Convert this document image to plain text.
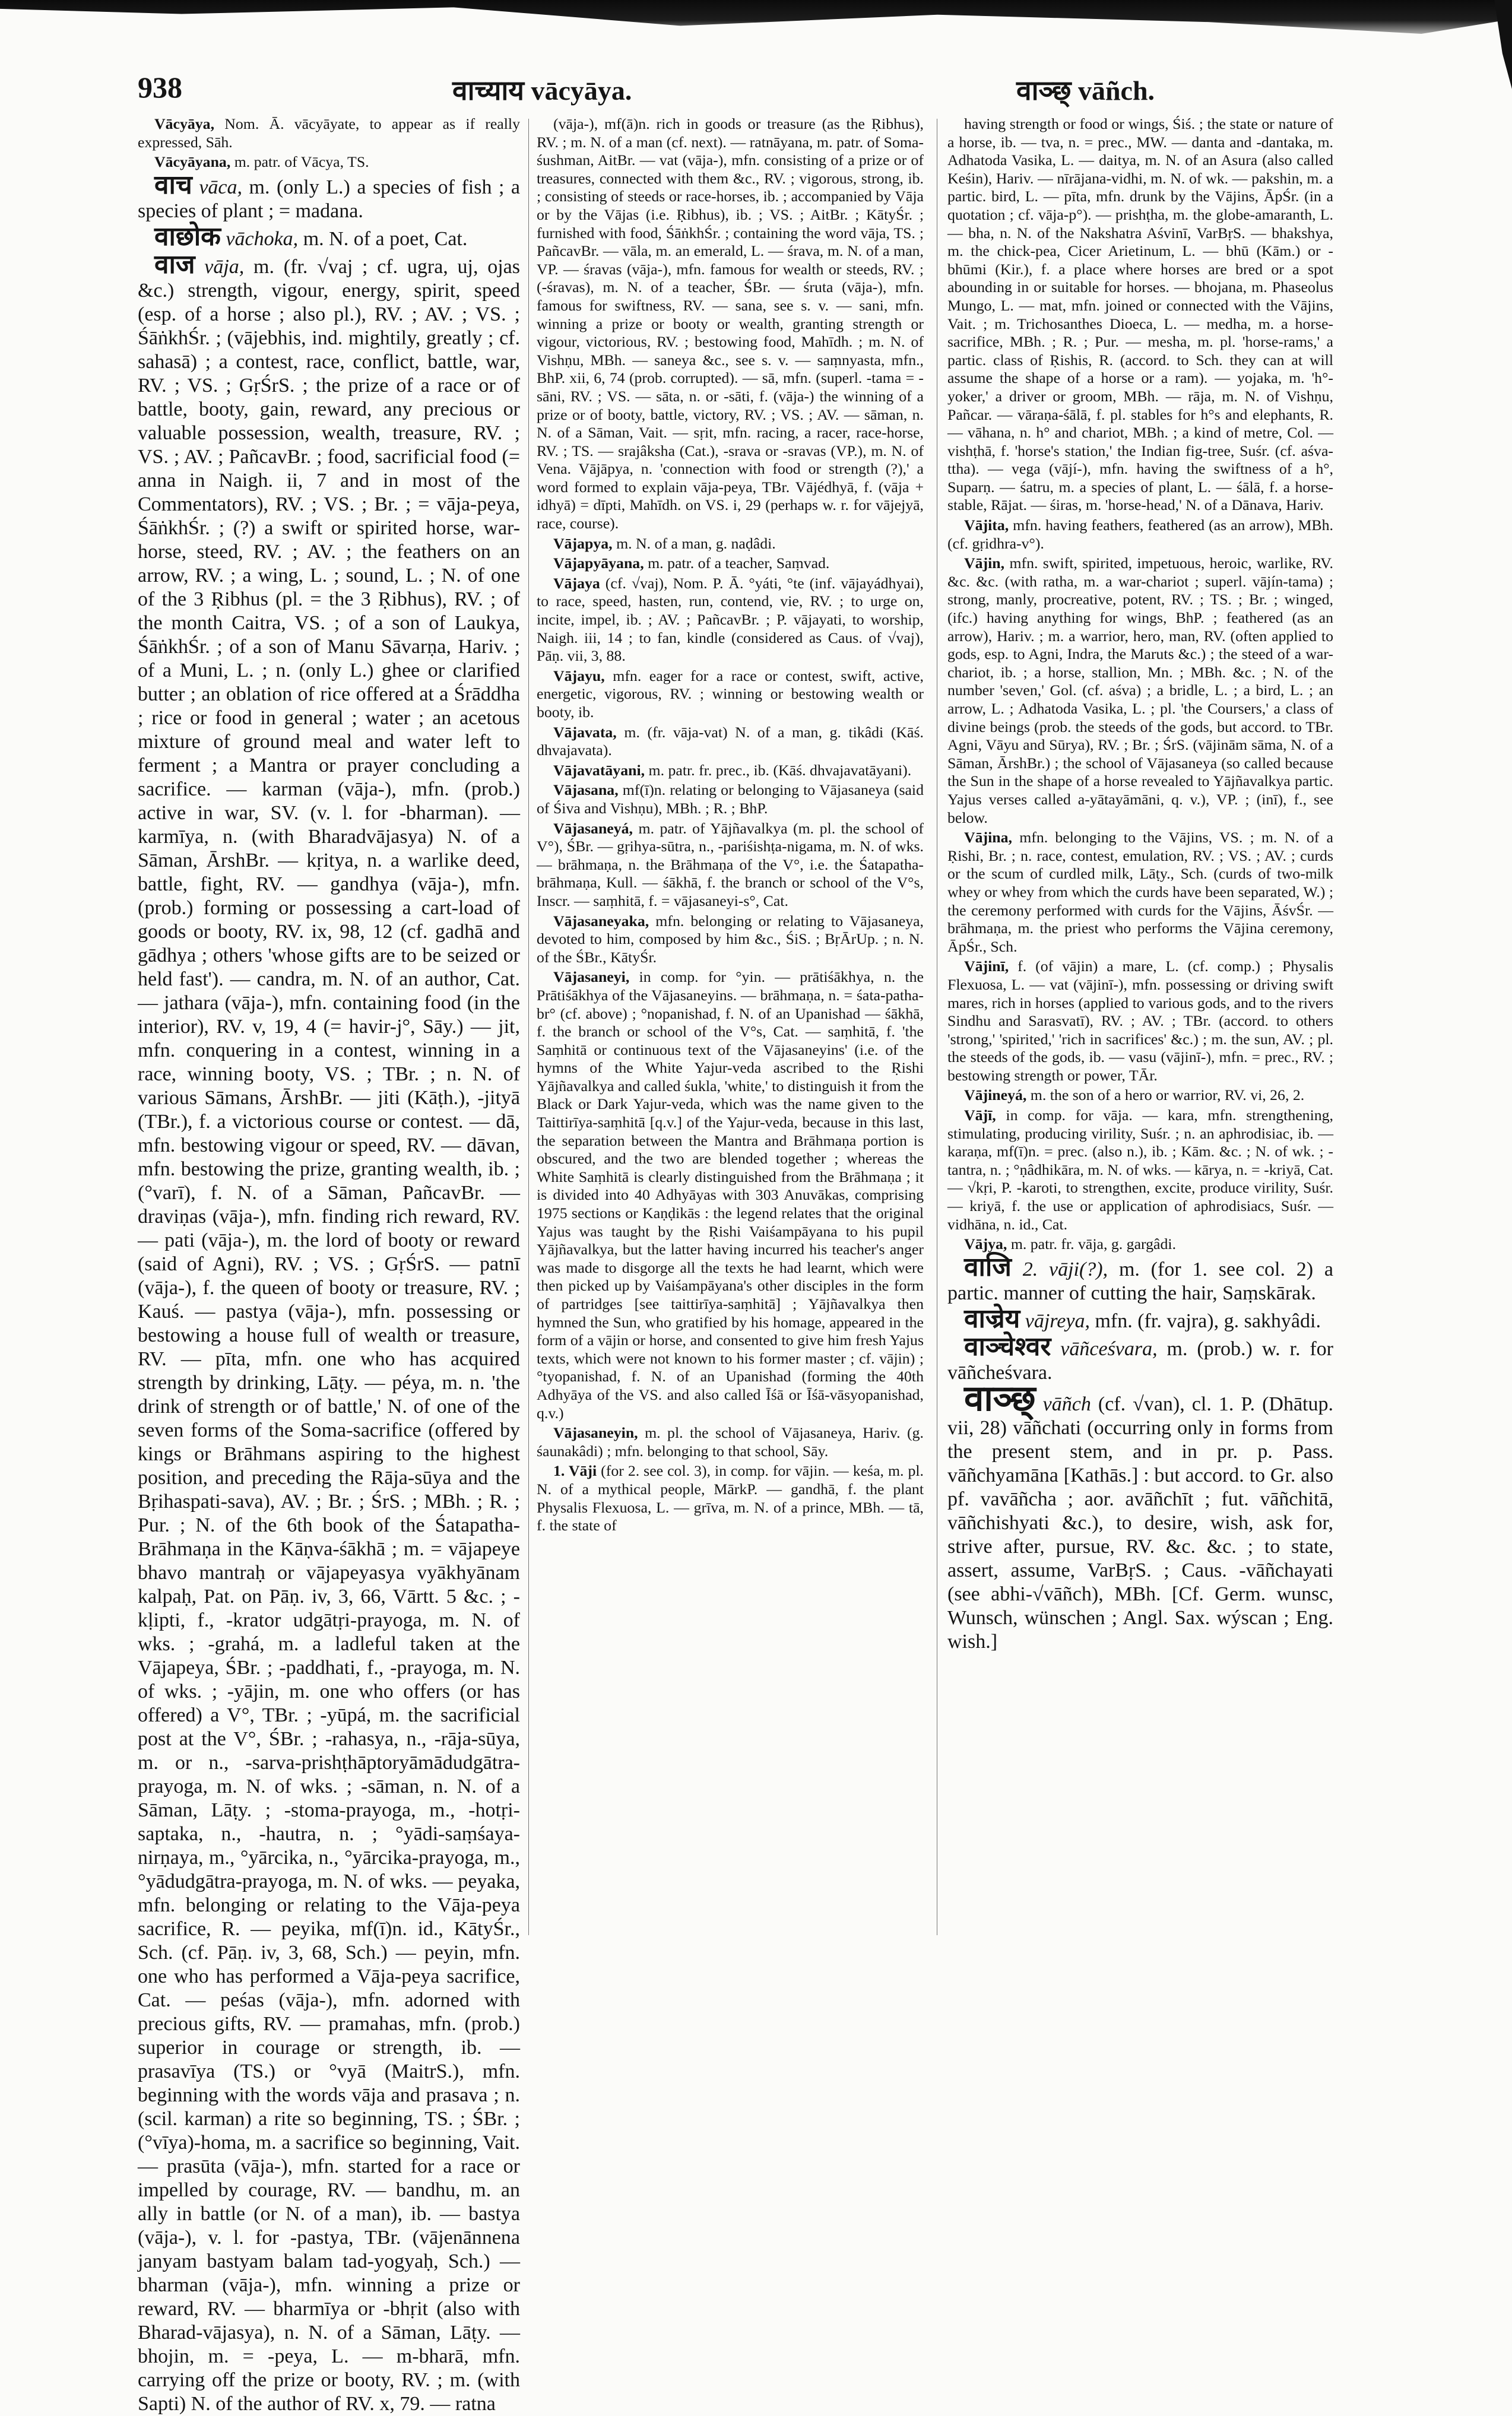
938	वाच्याय vācyāya.	वाञ्छ् vāñch.

Vācyāya, Nom. Ā. vācyāyate, to appear as if really expressed, Sāh.

Vācyāyana, m. patr. of Vācya, TS.

वाच vāca, m. (only L.) a species of fish ; a species of plant ; = madana.

वाछोक vāchoka, m. N. of a poet, Cat.

वाज vāja, m. (fr. √vaj ; cf. ugra, uj, ojas &c.) strength, vigour, energy, spirit, speed (esp. of a horse ; also pl.), RV. ; AV. ; VS. ; ŚāṅkhŚr. ; (vājebhis, ind. mightily, greatly ; cf. sahasā) ; a contest, race, conflict, battle, war, RV. ; VS. ; GṛŚrS. ; the prize of a race or of battle, booty, gain, reward, any precious or valuable possession, wealth, treasure, RV. ; VS. ; AV. ; PañcavBr. ; food, sacrificial food (= anna in Naigh. ii, 7 and in most of the Commentators), RV. ; VS. ; Br. ; = vāja-peya, ŚāṅkhŚr. ; (?) a swift or spirited horse, war-horse, steed, RV. ; AV. ; the feathers on an arrow, RV. ; a wing, L. ; sound, L. ; N. of one of the 3 Ṛibhus (pl. = the 3 Ṛibhus), RV. ; of the month Caitra, VS. ; of a son of Laukya, ŚāṅkhŚr. ; of a son of Manu Sāvarṇa, Hariv. ; of a Muni, L. ; n. (only L.) ghee or clarified butter ; an oblation of rice offered at a Śrāddha ; rice or food in general ; water ; an acetous mixture of ground meal and water left to ferment ; a Mantra or prayer concluding a sacrifice. — karman (vāja-), mfn. (prob.) active in war, SV. (v. l. for -bharman). — karmīya, n. (with Bharadvājasya) N. of a Sāman, ĀrshBr. — kṛitya, n. a warlike deed, battle, fight, RV. — gandhya (vāja-), mfn. (prob.) forming or possessing a cart-load of goods or booty, RV. ix, 98, 12 (cf. gadhā and gādhya ; others 'whose gifts are to be seized or held fast'). — candra, m. N. of an author, Cat. — jathara (vāja-), mfn. containing food (in the interior), RV. v, 19, 4 (= havir-j°, Sāy.) — jit, mfn. conquering in a contest, winning in a race, winning booty, VS. ; TBr. ; n. N. of various Sāmans, ĀrshBr. — jiti (Kāṭh.), -jityā (TBr.), f. a victorious course or contest. — dā, mfn. bestowing vigour or speed, RV. — dāvan, mfn. bestowing the prize, granting wealth, ib. ; (°varī), f. N. of a Sāman, PañcavBr. — draviṇas (vāja-), mfn. finding rich reward, RV. — pati (vāja-), m. the lord of booty or reward (said of Agni), RV. ; VS. ; GṛŚrS. — patnī (vāja-), f. the queen of booty or treasure, RV. ; Kauś. — pastya (vāja-), mfn. possessing or bestowing a house full of wealth or treasure, RV. — pīta, mfn. one who has acquired strength by drinking, Lāṭy. — péya, m. n. 'the drink of strength or of battle,' N. of one of the seven forms of the Soma-sacrifice (offered by kings or Brāhmans aspiring to the highest position, and preceding the Rāja-sūya and the Bṛihaspati-sava), AV. ; Br. ; ŚrS. ; MBh. ; R. ; Pur. ; N. of the 6th book of the Śatapatha-Brāhmaṇa in the Kāṇva-śākhā ; m. = vājapeye bhavo mantraḥ or vājapeyasya vyākhyānam kalpaḥ, Pat. on Pāṇ. iv, 3, 66, Vārtt. 5 &c. ; -kḷipti, f., -krator udgātṛi-prayoga, m. N. of wks. ; -grahá, m. a ladleful taken at the Vājapeya, ŚBr. ; -paddhati, f., -prayoga, m. N. of wks. ; -yājin, m. one who offers (or has offered) a V°, TBr. ; -yūpá, m. the sacrificial post at the V°, ŚBr. ; -rahasya, n., -rāja-sūya, m. or n., -sarva-prishṭhāptoryāmādudgātra-prayoga, m. N. of wks. ; -sāman, n. N. of a Sāman, Lāṭy. ; -stoma-prayoga, m., -hotṛi-saptaka, n., -hautra, n. ; °yādi-saṃśaya-nirṇaya, m., °yārcika, n., °yārcika-prayoga, m., °yādudgātra-prayoga, m. N. of wks. — peyaka, mfn. belonging or relating to the Vāja-peya sacrifice, R. — peyika, mf(ī)n. id., KātyŚr., Sch. (cf. Pāṇ. iv, 3, 68, Sch.) — peyin, mfn. one who has performed a Vāja-peya sacrifice, Cat. — peśas (vāja-), mfn. adorned with precious gifts, RV. — pramahas, mfn. (prob.) superior in courage or strength, ib. — prasavīya (TS.) or °vyā (MaitrS.), mfn. beginning with the words vāja and prasava ; n. (scil. karman) a rite so beginning, TS. ; ŚBr. ; (°vīya)-homa, m. a sacrifice so beginning, Vait. — prasūta (vāja-), mfn. started for a race or impelled by courage, RV. — bandhu, m. an ally in battle (or N. of a man), ib. — bastya (vāja-), v. l. for -pastya, TBr. (vājenānnena janyam bastyam balam tad-yogyaḥ, Sch.) — bharman (vāja-), mfn. winning a prize or reward, RV. — bharmīya or -bhṛit (also with Bharad-vājasya), n. N. of a Sāman, Lāṭy. — bhojin, m. = -peya, L. — m-bharā, mfn. carrying off the prize or booty, RV. ; m. (with Sapti) N. of the author of RV. x, 79. — ratna

(vāja-), mf(ā)n. rich in goods or treasure (as the Ṛibhus), RV. ; m. N. of a man (cf. next). — ratnāyana, m. patr. of Soma-śushman, AitBr. — vat (vāja-), mfn. consisting of a prize or of treasures, connected with them &c., RV. ; vigorous, strong, ib. ; consisting of steeds or race-horses, ib. ; accompanied by Vāja or by the Vājas (i.e. Ṛibhus), ib. ; VS. ; AitBr. ; KātyŚr. ; furnished with food, ŚāṅkhŚr. ; containing the word vāja, TS. ; PañcavBr. — vāla, m. an emerald, L. — śrava, m. N. of a man, VP. — śravas (vāja-), mfn. famous for wealth or steeds, RV. ; (-śravas), m. N. of a teacher, ŚBr. — śruta (vāja-), mfn. famous for swiftness, RV. — sana, see s. v. — sani, mfn. winning a prize or booty or wealth, granting strength or vigour, victorious, RV. ; bestowing food, Mahīdh. ; m. N. of Vishṇu, MBh. — saneya &c., see s. v. — saṃnyasta, mfn., BhP. xii, 6, 74 (prob. corrupted). — sā, mfn. (superl. -tama = -sāni, RV. ; VS. — sāta, n. or -sāti, f. (vāja-) the winning of a prize or of booty, battle, victory, RV. ; VS. ; AV. — sāman, n. N. of a Sāman, Vait. — sṛit, mfn. racing, a racer, race-horse, RV. ; TS. — srajâksha (Cat.), -srava or -sravas (VP.), m. N. of Vena. Vājāpya, n. 'connection with food or strength (?),' a word formed to explain vāja-peya, TBr. Vājédhyā, f. (vāja + idhyā) = dīpti, Mahīdh. on VS. i, 29 (perhaps w. r. for vājejyā, race, course).

Vājapya, m. N. of a man, g. naḍâdi.

Vājapyāyana, m. patr. of a teacher, Saṃvad.

Vājaya (cf. √vaj), Nom. P. Ā. °yáti, °te (inf. vājayádhyai), to race, speed, hasten, run, contend, vie, RV. ; to urge on, incite, impel, ib. ; AV. ; PañcavBr. ; P. vājayati, to worship, Naigh. iii, 14 ; to fan, kindle (considered as Caus. of √vaj), Pāṇ. vii, 3, 88.

Vājayu, mfn. eager for a race or contest, swift, active, energetic, vigorous, RV. ; winning or bestowing wealth or booty, ib.

Vājavata, m. (fr. vāja-vat) N. of a man, g. tikâdi (Kāś. dhvajavata).

Vājavatāyani, m. patr. fr. prec., ib. (Kāś. dhvajavatāyani).

Vājasana, mf(ī)n. relating or belonging to Vājasaneya (said of Śiva and Vishṇu), MBh. ; R. ; BhP.

Vājasaneyá, m. patr. of Yājñavalkya (m. pl. the school of V°), ŚBr. — gṛihya-sūtra, n., -pariśishṭa-nigama, m. N. of wks. — brāhmaṇa, n. the Brāhmaṇa of the V°, i.e. the Śatapatha-brāhmaṇa, Kull. — śākhā, f. the branch or school of the V°s, Inscr. — saṃhitā, f. = vājasaneyi-s°, Cat.

Vājasaneyaka, mfn. belonging or relating to Vājasaneya, devoted to him, composed by him &c., ŚiS. ; BṛĀrUp. ; n. N. of the ŚBr., KātyŚr.

Vājasaneyi, in comp. for °yin. — prātiśākhya, n. the Prātiśākhya of the Vājasaneyins. — brāhmaṇa, n. = śata-patha-br° (cf. above) ; °nopanishad, f. N. of an Upanishad — śākhā, f. the branch or school of the V°s, Cat. — saṃhitā, f. 'the Saṃhitā or continuous text of the Vājasaneyins' (i.e. of the hymns of the White Yajur-veda ascribed to the Ṛishi Yājñavalkya and called śukla, 'white,' to distinguish it from the Black or Dark Yajur-veda, which was the name given to the Taittirīya-saṃhitā [q.v.] of the Yajur-veda, because in this last, the separation between the Mantra and Brāhmaṇa portion is obscured, and the two are blended together ; whereas the White Saṃhitā is clearly distinguished from the Brāhmaṇa ; it is divided into 40 Adhyāyas with 303 Anuvākas, comprising 1975 sections or Kaṇḍikās : the legend relates that the original Yajus was taught by the Ṛishi Vaiśampāyana to his pupil Yājñavalkya, but the latter having incurred his teacher's anger was made to disgorge all the texts he had learnt, which were then picked up by Vaiśampāyana's other disciples in the form of partridges [see taittirīya-saṃhitā] ; Yājñavalkya then hymned the Sun, who gratified by his homage, appeared in the form of a vājin or horse, and consented to give him fresh Yajus texts, which were not known to his former master ; cf. vājin) ; °tyopanishad, f. N. of an Upanishad (forming the 40th Adhyāya of the VS. and also called Īśā or Īśā-vāsyopanishad, q.v.)

Vājasaneyin, m. pl. the school of Vājasaneya, Hariv. (g. śaunakâdi) ; mfn. belonging to that school, Sāy.

1. Vāji (for 2. see col. 3), in comp. for vājin. — keśa, m. pl. N. of a mythical people, MārkP. — gandhā, f. the plant Physalis Flexuosa, L. — grīva, m. N. of a prince, MBh. — tā, f. the state of

having strength or food or wings, Śiś. ; the state or nature of a horse, ib. — tva, n. = prec., MW. — danta and -dantaka, m. Adhatoda Vasika, L. — daitya, m. N. of an Asura (also called Keśin), Hariv. — nīrājana-vidhi, m. N. of wk. — pakshin, m. a partic. bird, L. — pīta, mfn. drunk by the Vājins, ĀpŚr. (in a quotation ; cf. vāja-p°). — prishṭha, m. the globe-amaranth, L. — bha, n. N. of the Nakshatra Aśvinī, VarBṛS. — bhakshya, m. the chick-pea, Cicer Arietinum, L. — bhū (Kām.) or -bhūmi (Kir.), f. a place where horses are bred or a spot abounding in or suitable for horses. — bhojana, m. Phaseolus Mungo, L. — mat, mfn. joined or connected with the Vājins, Vait. ; m. Trichosanthes Dioeca, L. — medha, m. a horse-sacrifice, MBh. ; R. ; Pur. — mesha, m. pl. 'horse-rams,' a partic. class of Ṛishis, R. (accord. to Sch. they can at will assume the shape of a horse or a ram). — yojaka, m. 'h°-yoker,' a driver or groom, MBh. — rāja, m. N. of Vishṇu, Pañcar. — vāraṇa-śālā, f. pl. stables for h°s and elephants, R. — vāhana, n. h° and chariot, MBh. ; a kind of metre, Col. — vishṭhā, f. 'horse's station,' the Indian fig-tree, Suśr. (cf. aśva-ttha). — vega (vājí-), mfn. having the swiftness of a h°, Suparṇ. — śatru, m. a species of plant, L. — śālā, f. a horse-stable, Rājat. — śiras, m. 'horse-head,' N. of a Dānava, Hariv.

Vājita, mfn. having feathers, feathered (as an arrow), MBh. (cf. gṛidhra-v°).

Vājin, mfn. swift, spirited, impetuous, heroic, warlike, RV. &c. &c. (with ratha, m. a war-chariot ; superl. vājín-tama) ; strong, manly, procreative, potent, RV. ; TS. ; Br. ; winged, (ifc.) having anything for wings, BhP. ; feathered (as an arrow), Hariv. ; m. a warrior, hero, man, RV. (often applied to gods, esp. to Agni, Indra, the Maruts &c.) ; the steed of a war-chariot, ib. ; a horse, stallion, Mn. ; MBh. &c. ; N. of the number 'seven,' Gol. (cf. aśva) ; a bridle, L. ; a bird, L. ; an arrow, L. ; Adhatoda Vasika, L. ; pl. 'the Coursers,' a class of divine beings (prob. the steeds of the gods, but accord. to TBr. Agni, Vāyu and Sūrya), RV. ; Br. ; ŚrS. (vājinām sāma, N. of a Sāman, ĀrshBr.) ; the school of Vājasaneya (so called because the Sun in the shape of a horse revealed to Yājñavalkya partic. Yajus verses called a-yātayāmāni, q. v.), VP. ; (inī), f., see below.

Vājina, mfn. belonging to the Vājins, VS. ; m. N. of a Ṛishi, Br. ; n. race, contest, emulation, RV. ; VS. ; AV. ; curds or the scum of curdled milk, Lāṭy., Sch. (curds of two-milk whey or whey from which the curds have been separated, W.) ; the ceremony performed with curds for the Vājins, ĀśvŚr. — brāhmaṇa, m. the priest who performs the Vājina ceremony, ĀpŚr., Sch.

Vājinī, f. (of vājin) a mare, L. (cf. comp.) ; Physalis Flexuosa, L. — vat (vājinī-), mfn. possessing or driving swift mares, rich in horses (applied to various gods, and to the rivers Sindhu and Sarasvatī), RV. ; AV. ; TBr. (accord. to others 'strong,' 'spirited,' 'rich in sacrifices' &c.) ; m. the sun, AV. ; pl. the steeds of the gods, ib. — vasu (vājinī-), mfn. = prec., RV. ; bestowing strength or power, TĀr.

Vājineyá, m. the son of a hero or warrior, RV. vi, 26, 2.

Vājī, in comp. for vāja. — kara, mfn. strengthening, stimulating, producing virility, Suśr. ; n. an aphrodisiac, ib. — karaṇa, mf(ī)n. = prec. (also n.), ib. ; Kām. &c. ; N. of wk. ; -tantra, n. ; °ṇâdhikāra, m. N. of wks. — kārya, n. = -kriyā, Cat. — √kṛi, P. -karoti, to strengthen, excite, produce virility, Suśr. — kriyā, f. the use or application of aphrodisiacs, Suśr. — vidhāna, n. id., Cat.

Vājya, m. patr. fr. vāja, g. gargâdi.

वाजि 2. vāji(?), m. (for 1. see col. 2) a partic. manner of cutting the hair, Saṃskārak.

वाज्रेय vājreya, mfn. (fr. vajra), g. sakhyâdi.

वाञ्चेश्वर vāñceśvara, m. (prob.) w. r. for vāñcheśvara.

वाञ्छ् vāñch (cf. √van), cl. 1. P. (Dhātup. vii, 28) vāñchati (occurring only in forms from the present stem, and in pr. p. Pass. vāñchyamāna [Kathās.] : but accord. to Gr. also pf. vavāñcha ; aor. avāñchīt ; fut. vāñchitā, vāñchishyati &c.), to desire, wish, ask for, strive after, pursue, RV. &c. &c. ; to state, assert, assume, VarBṛS. ; Caus. -vāñchayati (see abhi-√vāñch), MBh. [Cf. Germ. wunsc, Wunsch, wünschen ; Angl. Sax. wýscan ; Eng. wish.]
